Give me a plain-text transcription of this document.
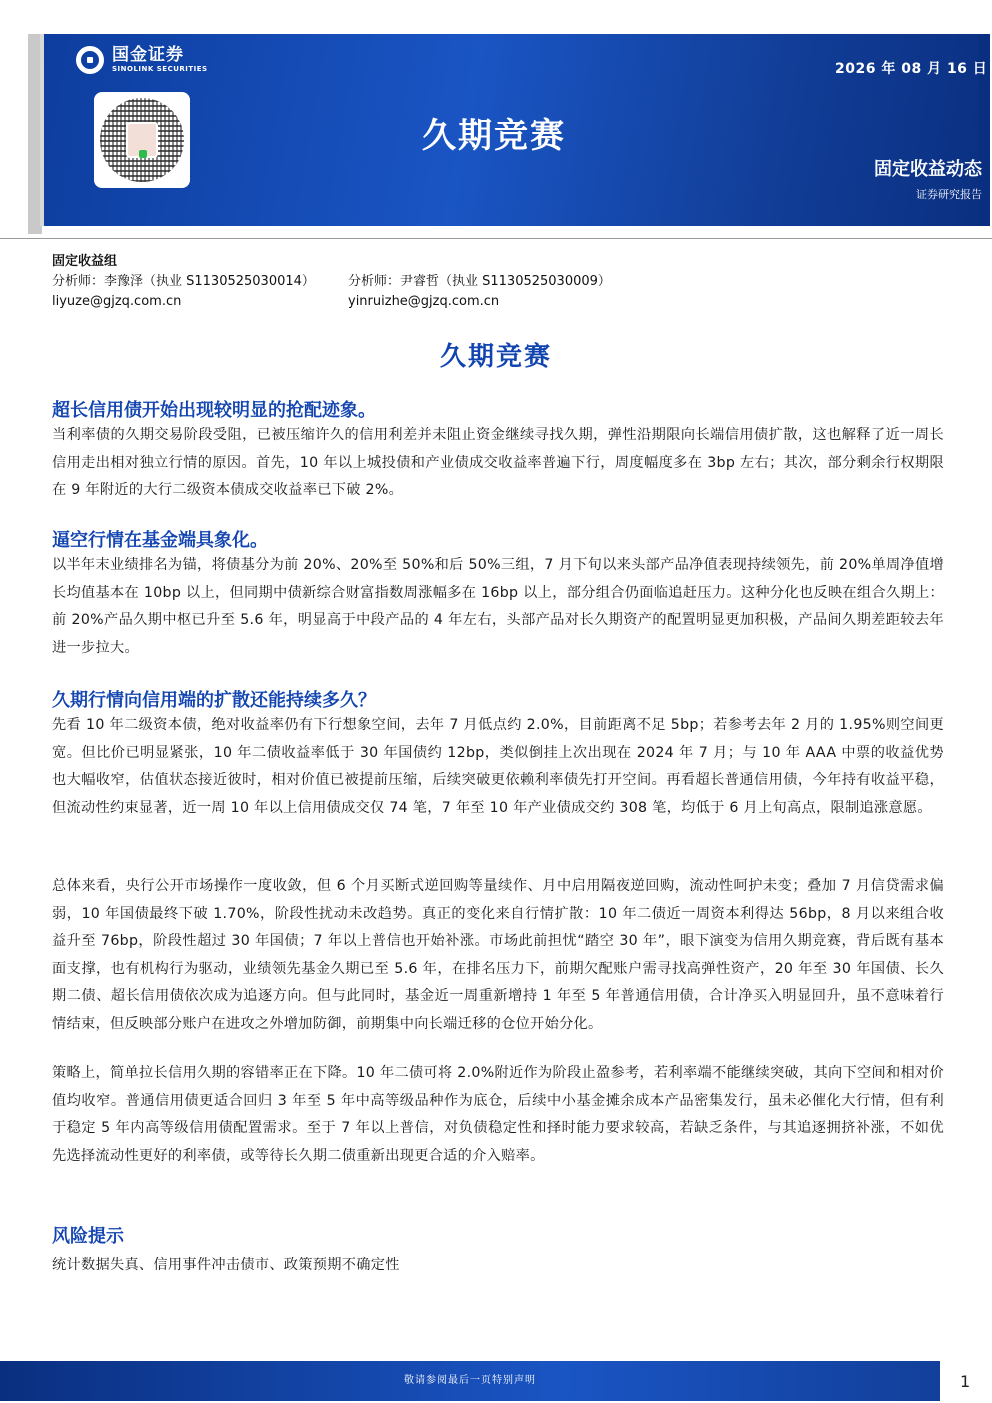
国金证券
SINOLINK SECURITIES	2026 年 08 月 16 日
久期竞赛
固定收益动态
证券研究报告
固定收益组
分析师：李豫泽（执业 S1130525030014）	分析师：尹睿哲（执业 S1130525030009）
liyuze@gjzq.com.cn	yinruizhe@gjzq.com.cn
久期竞赛
超长信用债开始出现较明显的抢配迹象。
当利率债的久期交易阶段受阻，已被压缩许久的信用利差并未阻止资金继续寻找久期，弹性沿期限向长端信用债扩散，这也解释了近一周长信用走出相对独立行情的原因。首先，10 年以上城投债和产业债成交收益率普遍下行，周度幅度多在 3bp 左右；其次，部分剩余行权期限在 9 年附近的大行二级资本债成交收益率已下破 2%。
逼空行情在基金端具象化。
以半年末业绩排名为锚，将债基分为前 20%、20%至 50%和后 50%三组，7 月下旬以来头部产品净值表现持续领先，前 20%单周净值增长均值基本在 10bp 以上，但同期中债新综合财富指数周涨幅多在 16bp 以上，部分组合仍面临追赶压力。这种分化也反映在组合久期上：前 20%产品久期中枢已升至 5.6 年，明显高于中段产品的 4 年左右，头部产品对长久期资产的配置明显更加积极，产品间久期差距较去年进一步拉大。
久期行情向信用端的扩散还能持续多久？
先看 10 年二级资本债，绝对收益率仍有下行想象空间，去年 7 月低点约 2.0%，目前距离不足 5bp；若参考去年 2 月的 1.95%则空间更宽。但比价已明显紧张，10 年二债收益率低于 30 年国债约 12bp，类似倒挂上次出现在 2024 年 7 月；与 10 年 AAA 中票的收益优势也大幅收窄，估值状态接近彼时，相对价值已被提前压缩，后续突破更依赖利率债先打开空间。再看超长普通信用债，今年持有收益平稳，但流动性约束显著，近一周 10 年以上信用债成交仅 74 笔，7 年至 10 年产业债成交约 308 笔，均低于 6 月上旬高点，限制追涨意愿。
总体来看，央行公开市场操作一度收敛，但 6 个月买断式逆回购等量续作、月中启用隔夜逆回购，流动性呵护未变；叠加 7 月信贷需求偏弱，10 年国债最终下破 1.70%，阶段性扰动未改趋势。真正的变化来自行情扩散：10 年二债近一周资本利得达 56bp，8 月以来组合收益升至 76bp，阶段性超过 30 年国债；7 年以上普信也开始补涨。市场此前担忧“踏空 30 年”，眼下演变为信用久期竞赛，背后既有基本面支撑，也有机构行为驱动，业绩领先基金久期已至 5.6 年，在排名压力下，前期欠配账户需寻找高弹性资产，20 年至 30 年国债、长久期二债、超长信用债依次成为追逐方向。但与此同时，基金近一周重新增持 1 年至 5 年普通信用债，合计净买入明显回升，虽不意味着行情结束，但反映部分账户在进攻之外增加防御，前期集中向长端迁移的仓位开始分化。
策略上，简单拉长信用久期的容错率正在下降。10 年二债可将 2.0%附近作为阶段止盈参考，若利率端不能继续突破，其向下空间和相对价值均收窄。普通信用债更适合回归 3 年至 5 年中高等级品种作为底仓，后续中小基金摊余成本产品密集发行，虽未必催化大行情，但有利于稳定 5 年内高等级信用债配置需求。至于 7 年以上普信，对负债稳定性和择时能力要求较高，若缺乏条件，与其追逐拥挤补涨，不如优先选择流动性更好的利率债，或等待长久期二债重新出现更合适的介入赔率。
风险提示
统计数据失真、信用事件冲击债市、政策预期不确定性
敬请参阅最后一页特别声明	1
